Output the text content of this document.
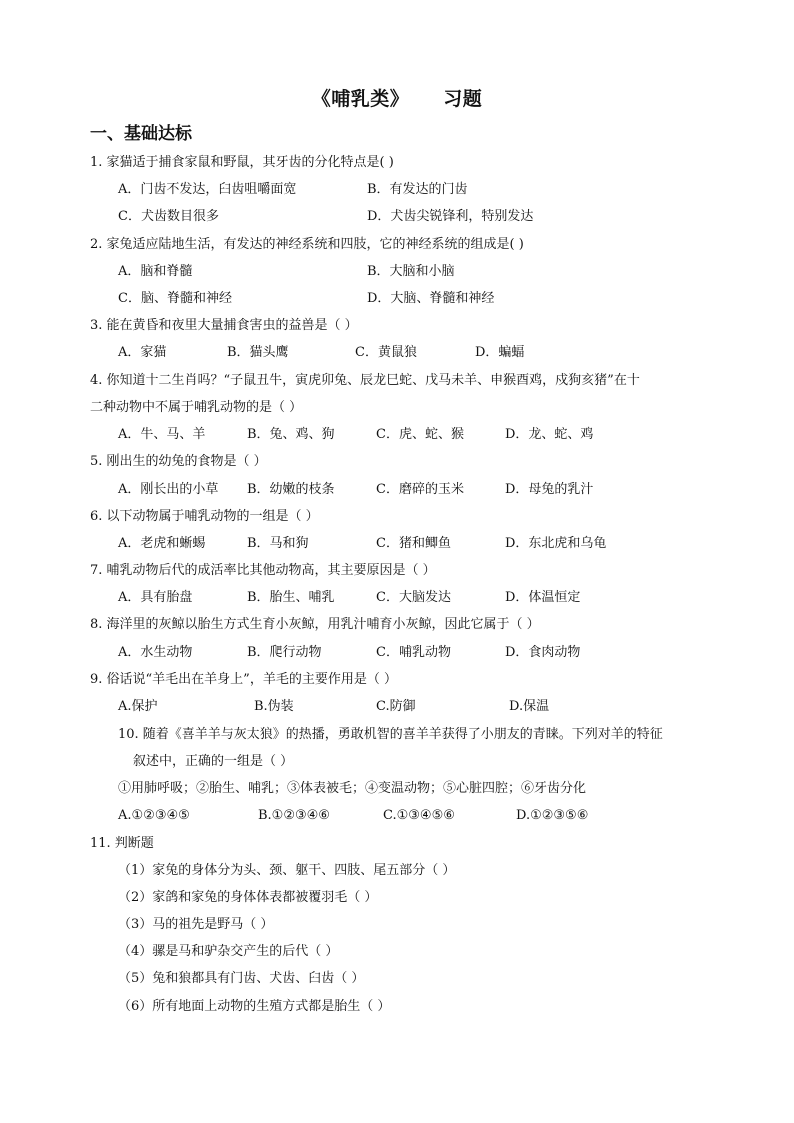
《哺乳类》 习题
一、基础达标
1. 家猫适于捕食家鼠和野鼠，其牙齿的分化特点是( )
A．门齿不发达，臼齿咀嚼面宽	B．有发达的门齿
C．犬齿数目很多	D．犬齿尖锐锋利，特别发达
2. 家兔适应陆地生活，有发达的神经系统和四肢，它的神经系统的组成是( )
A．脑和脊髓	B．大脑和小脑
C．脑、脊髓和神经	D．大脑、脊髓和神经
3. 能在黄昏和夜里大量捕食害虫的益兽是（ ）
A．家猫	B．猫头鹰	C．黄鼠狼	D．蝙蝠
4. 你知道十二生肖吗？“子鼠丑牛，寅虎卯兔、辰龙巳蛇、戊马未羊、申猴酉鸡，戍狗亥猪”在十
二种动物中不属于哺乳动物的是（ ）
A．牛、马、羊	B．兔、鸡、狗	C．虎、蛇、猴	D．龙、蛇、鸡
5. 刚出生的幼兔的食物是（ ）
A．刚长出的小草 B．幼嫩的枝条	C．磨碎的玉米	D．母兔的乳汁
6. 以下动物属于哺乳动物的一组是（ ）
A．老虎和蜥蜴	B．马和狗	C．猪和鲫鱼	D．东北虎和乌龟
7. 哺乳动物后代的成活率比其他动物高，其主要原因是（ ）
A．具有胎盘	B．胎生、哺乳	C．大脑发达	D．体温恒定
8. 海洋里的灰鲸以胎生方式生育小灰鲸，用乳汁哺育小灰鲸，因此它属于（ ）
A．水生动物	B．爬行动物	C．哺乳动物	D．食肉动物
9. 俗话说“羊毛出在羊身上”，羊毛的主要作用是（ ）
A.保护	B.伪装	C.防御	D.保温
10. 随着《喜羊羊与灰太狼》的热播，勇敢机智的喜羊羊获得了小朋友的青睐。下列对羊的特征
叙述中，正确的一组是（ ）
①用肺呼吸；②胎生、哺乳；③体表被毛；④变温动物；⑤心脏四腔；⑥牙齿分化
A.①②③④⑤	B.①②③④⑥	C.①③④⑤⑥	D.①②③⑤⑥
11. 判断题
（1）家兔的身体分为头、颈、躯干、四肢、尾五部分（ ）
（2）家鸽和家兔的身体体表都被覆羽毛（ ）
（3）马的祖先是野马（ ）
（4）骡是马和驴杂交产生的后代（ ）
（5）兔和狼都具有门齿、犬齿、臼齿（ ）
（6）所有地面上动物的生殖方式都是胎生（ ）
